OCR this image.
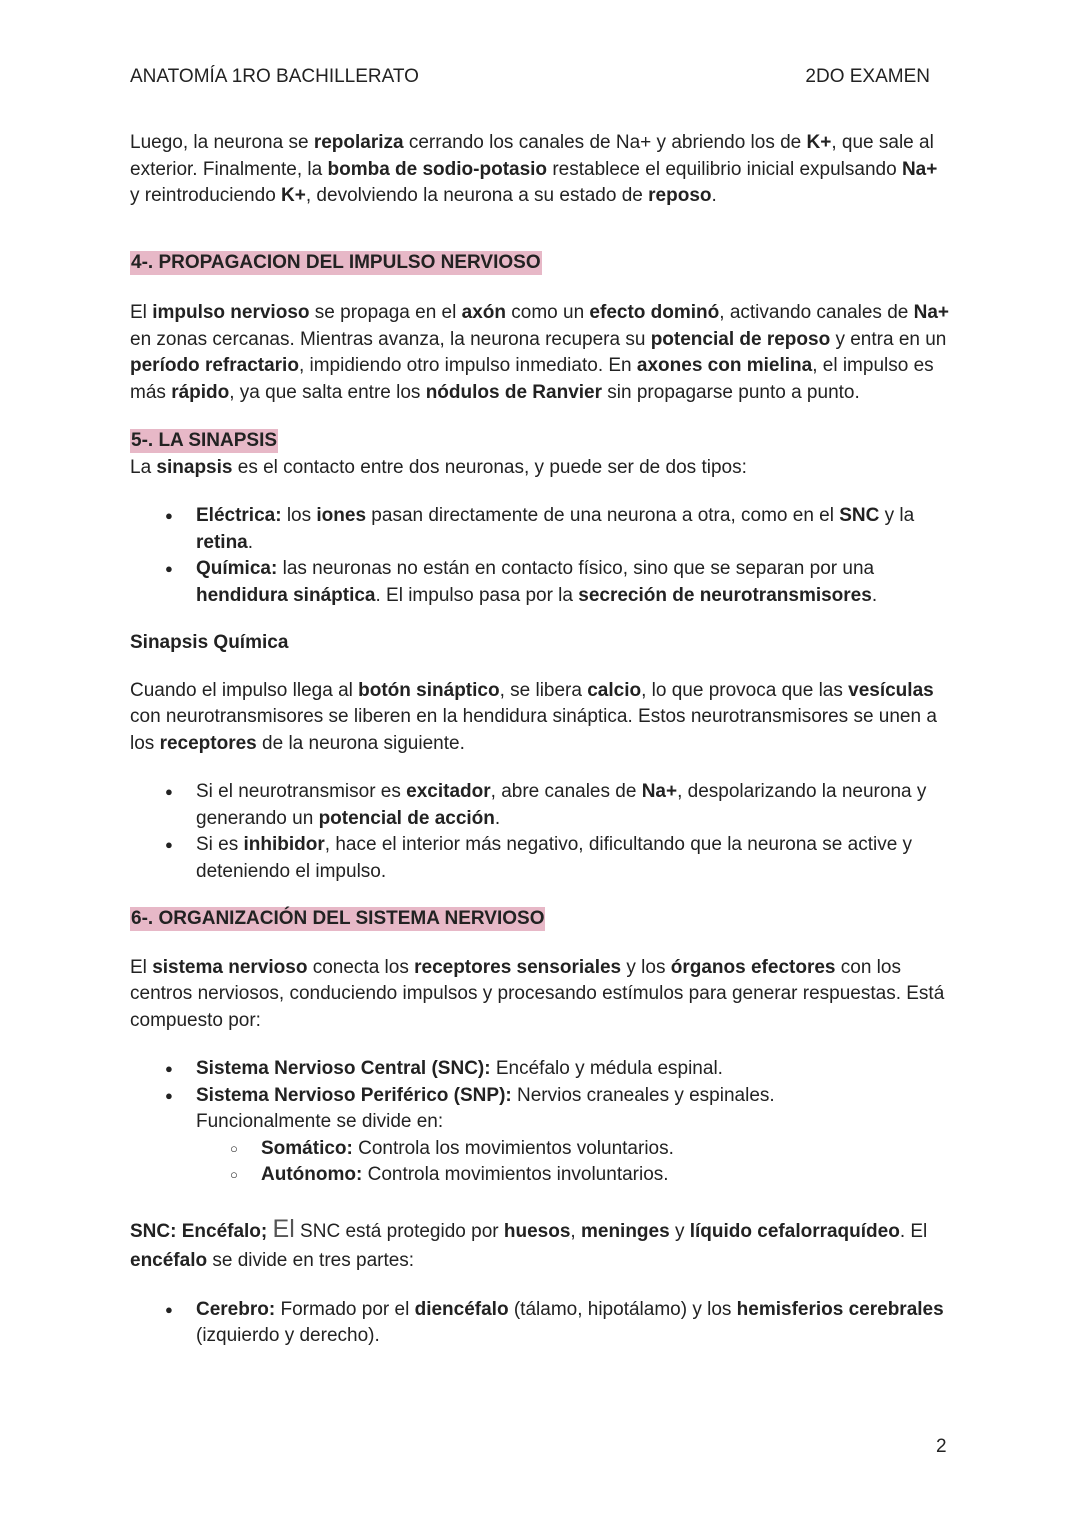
ANATOMÍA 1RO BACHILLERATO	2DO EXAMEN

Luego, la neurona se repolariza cerrando los canales de Na+ y abriendo los de K+, que sale al exterior. Finalmente, la bomba de sodio-potasio restablece el equilibrio inicial expulsando Na+ y reintroduciendo K+, devolviendo la neurona a su estado de reposo.

4-. PROPAGACION DEL IMPULSO NERVIOSO

El impulso nervioso se propaga en el axón como un efecto dominó, activando canales de Na+ en zonas cercanas. Mientras avanza, la neurona recupera su potencial de reposo y entra en un período refractario, impidiendo otro impulso inmediato. En axones con mielina, el impulso es más rápido, ya que salta entre los nódulos de Ranvier sin propagarse punto a punto.

5-. LA SINAPSIS

La sinapsis es el contacto entre dos neuronas, y puede ser de dos tipos:

● Eléctrica: los iones pasan directamente de una neurona a otra, como en el SNC y la retina.
● Química: las neuronas no están en contacto físico, sino que se separan por una hendidura sináptica. El impulso pasa por la secreción de neurotransmisores.

Sinapsis Química

Cuando el impulso llega al botón sináptico, se libera calcio, lo que provoca que las vesículas con neurotransmisores se liberen en la hendidura sináptica. Estos neurotransmisores se unen a los receptores de la neurona siguiente.

● Si el neurotransmisor es excitador, abre canales de Na+, despolarizando la neurona y generando un potencial de acción.
● Si es inhibidor, hace el interior más negativo, dificultando que la neurona se active y deteniendo el impulso.

6-. ORGANIZACIÓN DEL SISTEMA NERVIOSO

El sistema nervioso conecta los receptores sensoriales y los órganos efectores con los centros nerviosos, conduciendo impulsos y procesando estímulos para generar respuestas. Está compuesto por:

● Sistema Nervioso Central (SNC): Encéfalo y médula espinal.
● Sistema Nervioso Periférico (SNP): Nervios craneales y espinales. Funcionalmente se divide en:
○ Somático: Controla los movimientos voluntarios.
○ Autónomo: Controla movimientos involuntarios.

SNC: Encéfalo; El SNC está protegido por huesos, meninges y líquido cefalorraquídeo. El encéfalo se divide en tres partes:

● Cerebro: Formado por el diencéfalo (tálamo, hipotálamo) y los hemisferios cerebrales (izquierdo y derecho).
2
